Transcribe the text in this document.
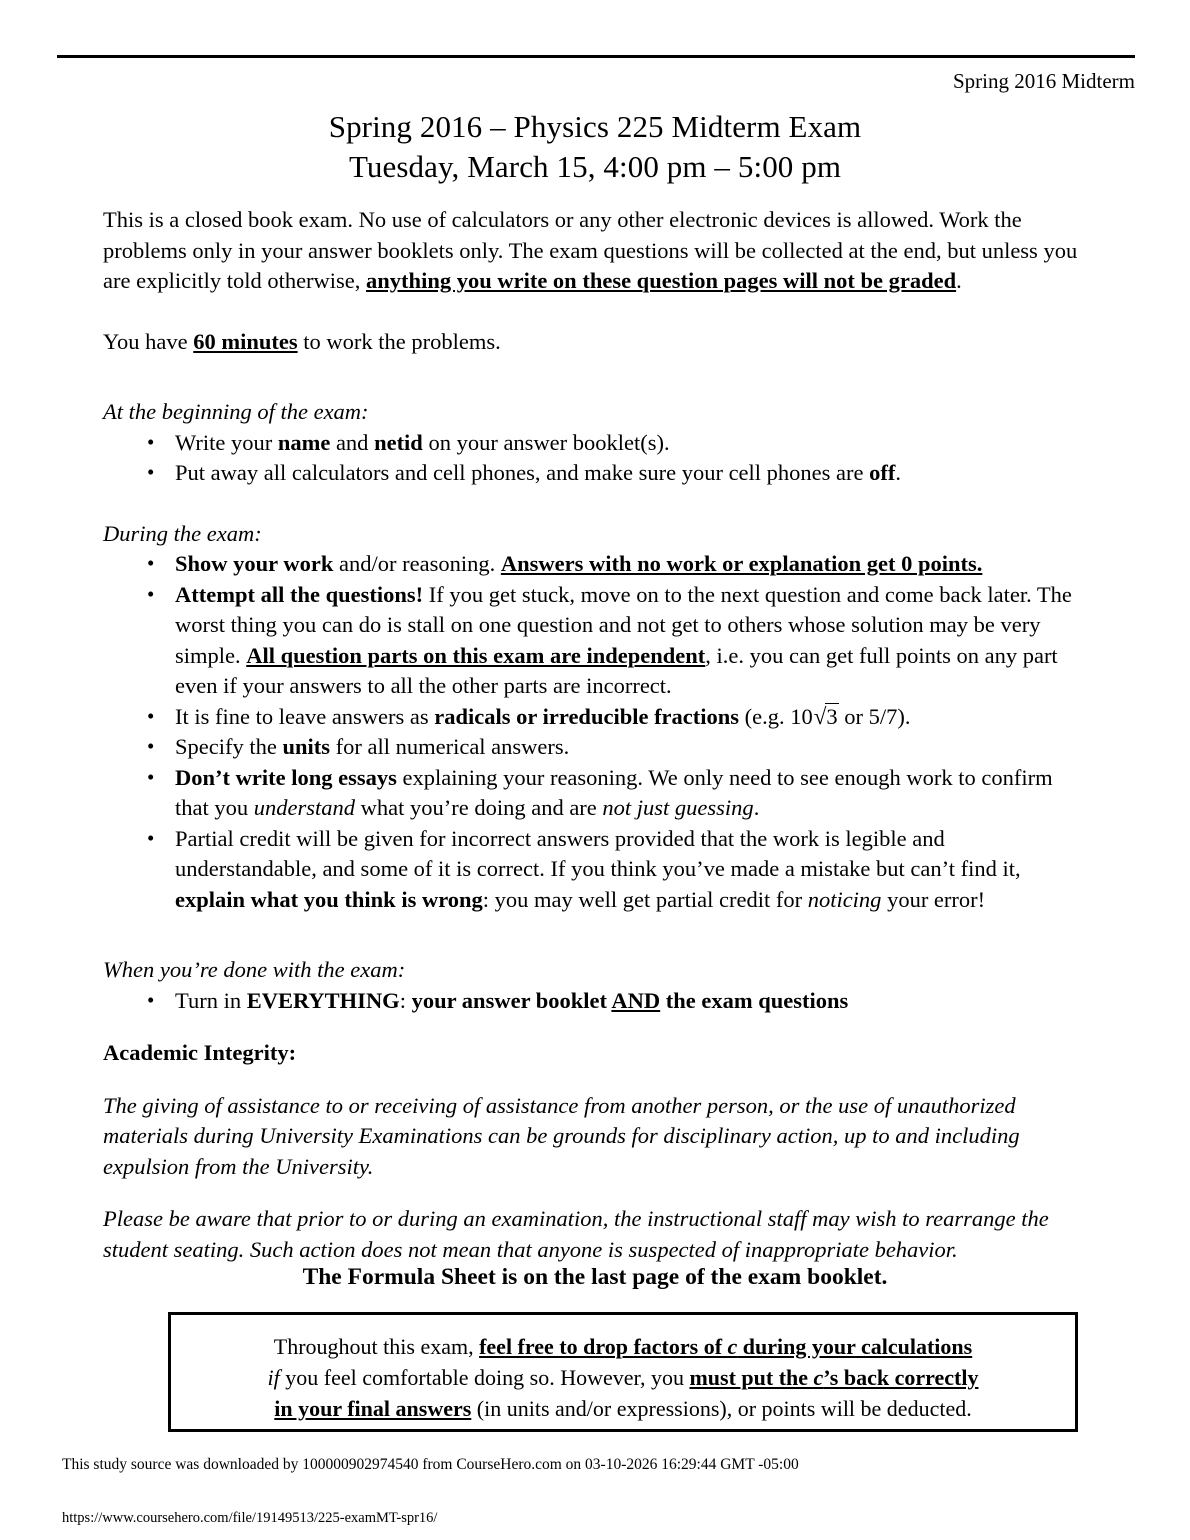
Spring 2016 Midterm
Spring 2016 – Physics 225 Midterm Exam
Tuesday, March 15, 4:00 pm – 5:00 pm

This is a closed book exam. No use of calculators or any other electronic devices is allowed. Work the problems only in your answer booklets only. The exam questions will be collected at the end, but unless you are explicitly told otherwise, anything you write on these question pages will not be graded.

You have 60 minutes to work the problems.

At the beginning of the exam:

• Write your name and netid on your answer booklet(s).
• Put away all calculators and cell phones, and make sure your cell phones are off.

During the exam:

• Show your work and/or reasoning. Answers with no work or explanation get 0 points.
• Attempt all the questions! If you get stuck, move on to the next question and come back later. The worst thing you can do is stall on one question and not get to others whose solution may be very simple. All question parts on this exam are independent, i.e. you can get full points on any part even if your answers to all the other parts are incorrect.
• It is fine to leave answers as radicals or irreducible fractions (e.g. 10√3 or 5/7).
• Specify the units for all numerical answers.
• Don’t write long essays explaining your reasoning. We only need to see enough work to confirm that you understand what you’re doing and are not just guessing.
• Partial credit will be given for incorrect answers provided that the work is legible and understandable, and some of it is correct. If you think you’ve made a mistake but can’t find it, explain what you think is wrong: you may well get partial credit for noticing your error!

When you’re done with the exam:

• Turn in EVERYTHING: your answer booklet AND the exam questions

Academic Integrity:

The giving of assistance to or receiving of assistance from another person, or the use of unauthorized materials during University Examinations can be grounds for disciplinary action, up to and including expulsion from the University.

Please be aware that prior to or during an examination, the instructional staff may wish to rearrange the student seating. Such action does not mean that anyone is suspected of inappropriate behavior.

The Formula Sheet is on the last page of the exam booklet.
Throughout this exam, feel free to drop factors of c during your calculations
if you feel comfortable doing so. However, you must put the c’s back correctly
in your final answers (in units and/or expressions), or points will be deducted.
This study source was downloaded by 100000902974540 from CourseHero.com on 03-10-2026 16:29:44 GMT -05:00
https://www.coursehero.com/file/19149513/225-examMT-spr16/
